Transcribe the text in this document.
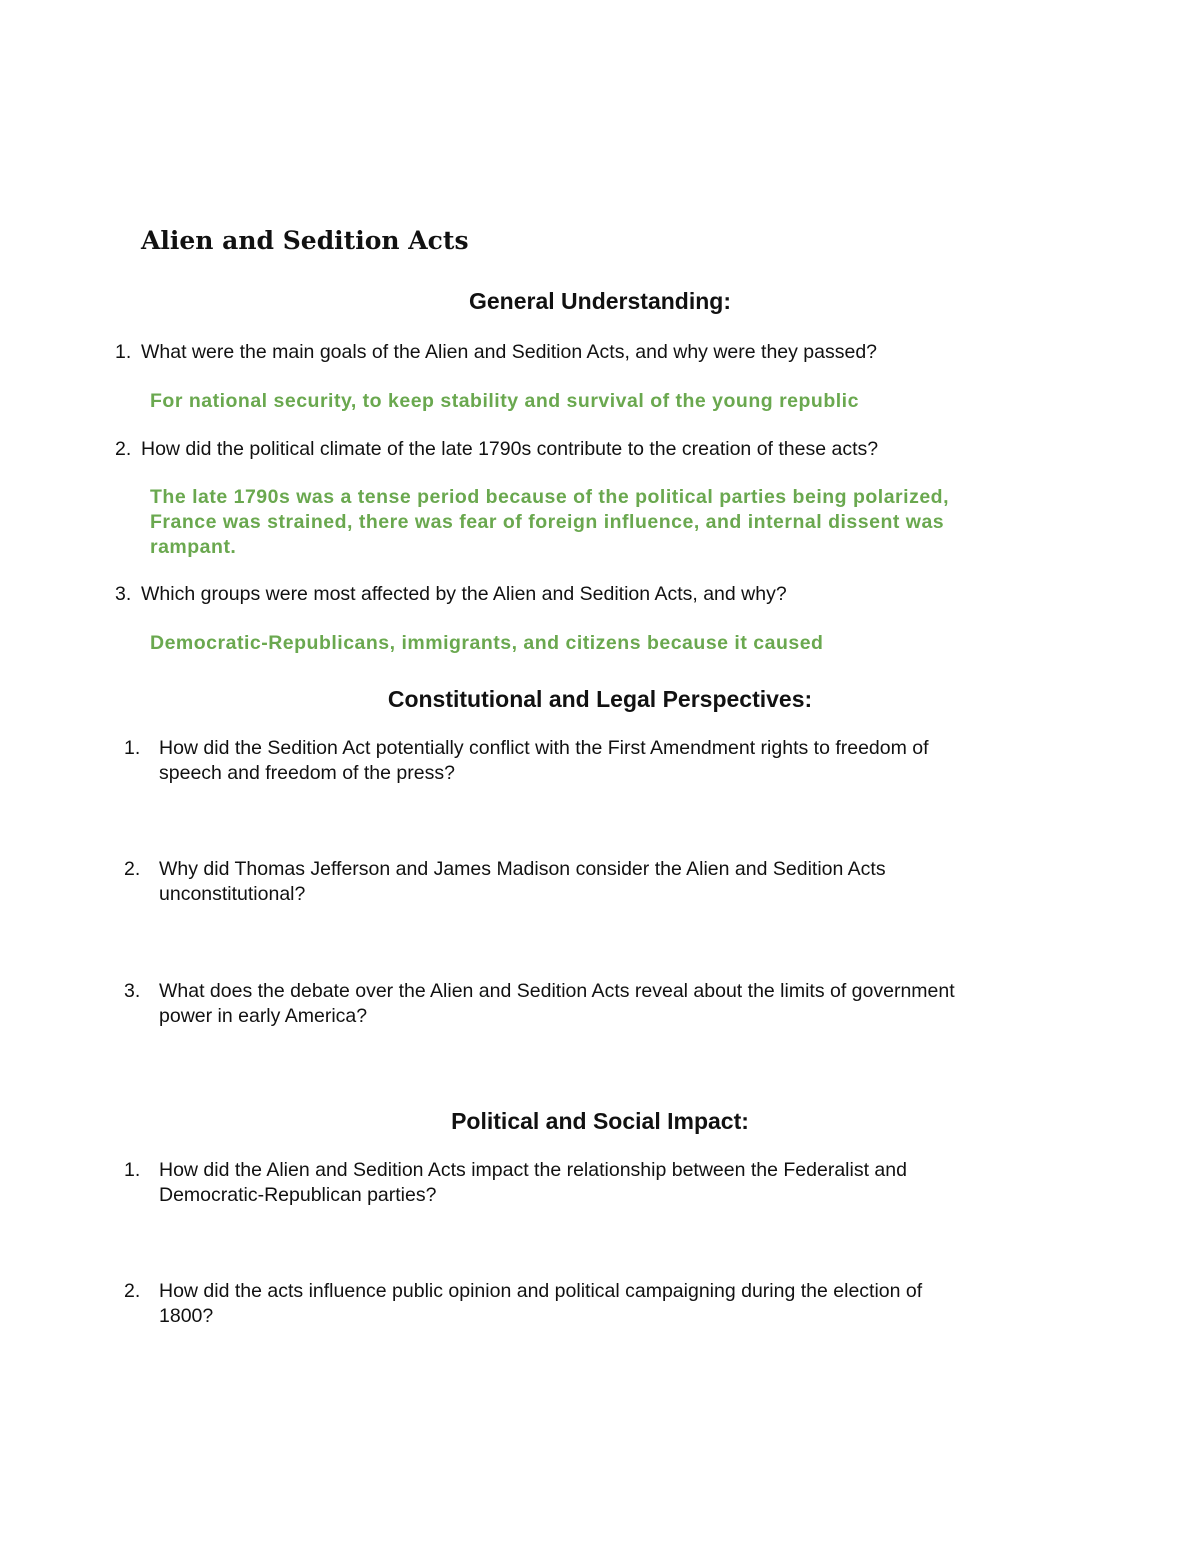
Alien and Sedition Acts
General Understanding:
1. What were the main goals of the Alien and Sedition Acts, and why were they passed?
For national security, to keep stability and survival of the young republic
2. How did the political climate of the late 1790s contribute to the creation of these acts?
The late 1790s was a tense period because of the political parties being polarized,
France was strained, there was fear of foreign influence, and internal dissent was
rampant.
3. Which groups were most affected by the Alien and Sedition Acts, and why?
Democratic-Republicans, immigrants, and citizens because it caused
Constitutional and Legal Perspectives:
1. How did the Sedition Act potentially conflict with the First Amendment rights to freedom of
speech and freedom of the press?
2. Why did Thomas Jefferson and James Madison consider the Alien and Sedition Acts
unconstitutional?
3. What does the debate over the Alien and Sedition Acts reveal about the limits of government
power in early America?
Political and Social Impact:
1. How did the Alien and Sedition Acts impact the relationship between the Federalist and
Democratic-Republican parties?
2. How did the acts influence public opinion and political campaigning during the election of
1800?
